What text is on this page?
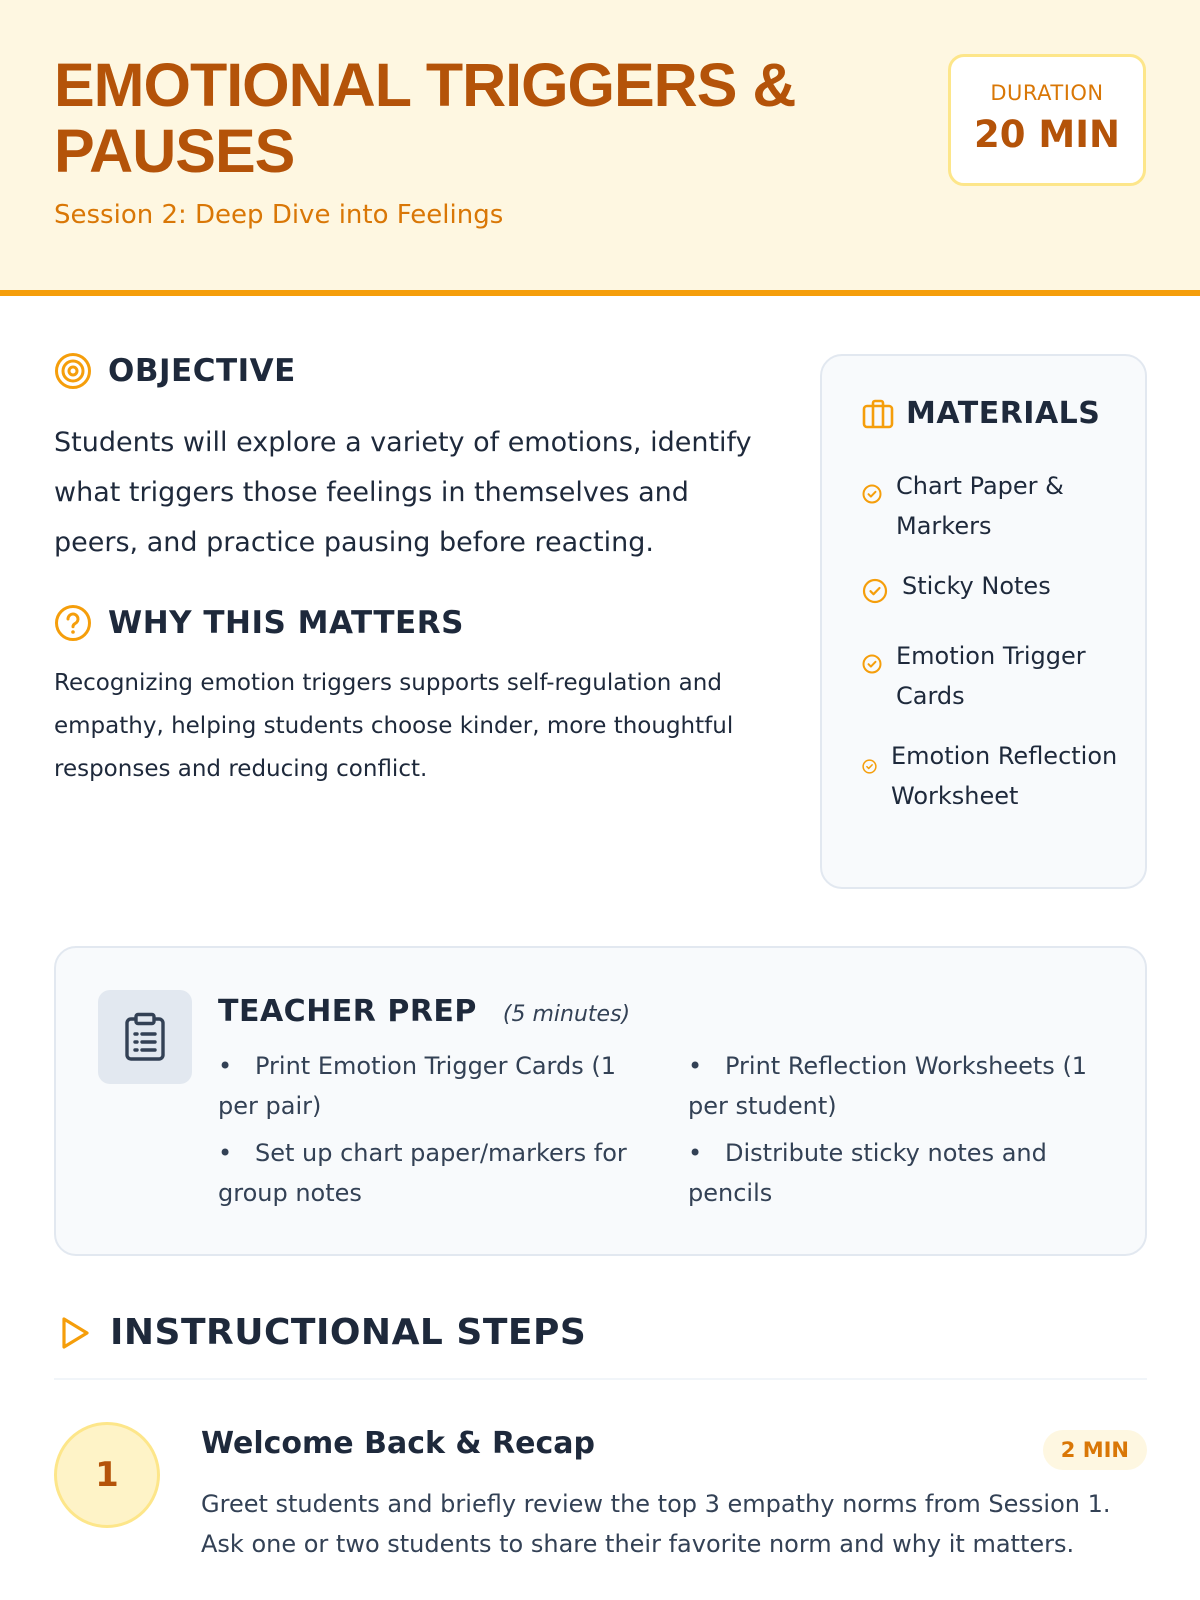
EMOTIONAL TRIGGERS & PAUSES
Session 2: Deep Dive into Feelings
DURATION
20 MIN
OBJECTIVE

Students will explore a variety of emotions, identify what triggers those feelings in themselves and peers, and practice pausing before reacting.

WHY THIS MATTERS

Recognizing emotion triggers supports self-regulation and empathy, helping students choose kinder, more thoughtful responses and reducing conflict.

MATERIALS
Chart Paper & Markers
Sticky Notes
Emotion Trigger Cards
Emotion Reflection Worksheet
TEACHER PREP (5 minutes)
• Print Emotion Trigger Cards (1 per pair)
• Set up chart paper/markers for group notes
• Print Reflection Worksheets (1 per student)
• Distribute sticky notes and pencils
INSTRUCTIONAL STEPS
1
Welcome Back & Recap	2 MIN

Greet students and briefly review the top 3 empathy norms from Session 1. Ask one or two students to share their favorite norm and why it matters.
